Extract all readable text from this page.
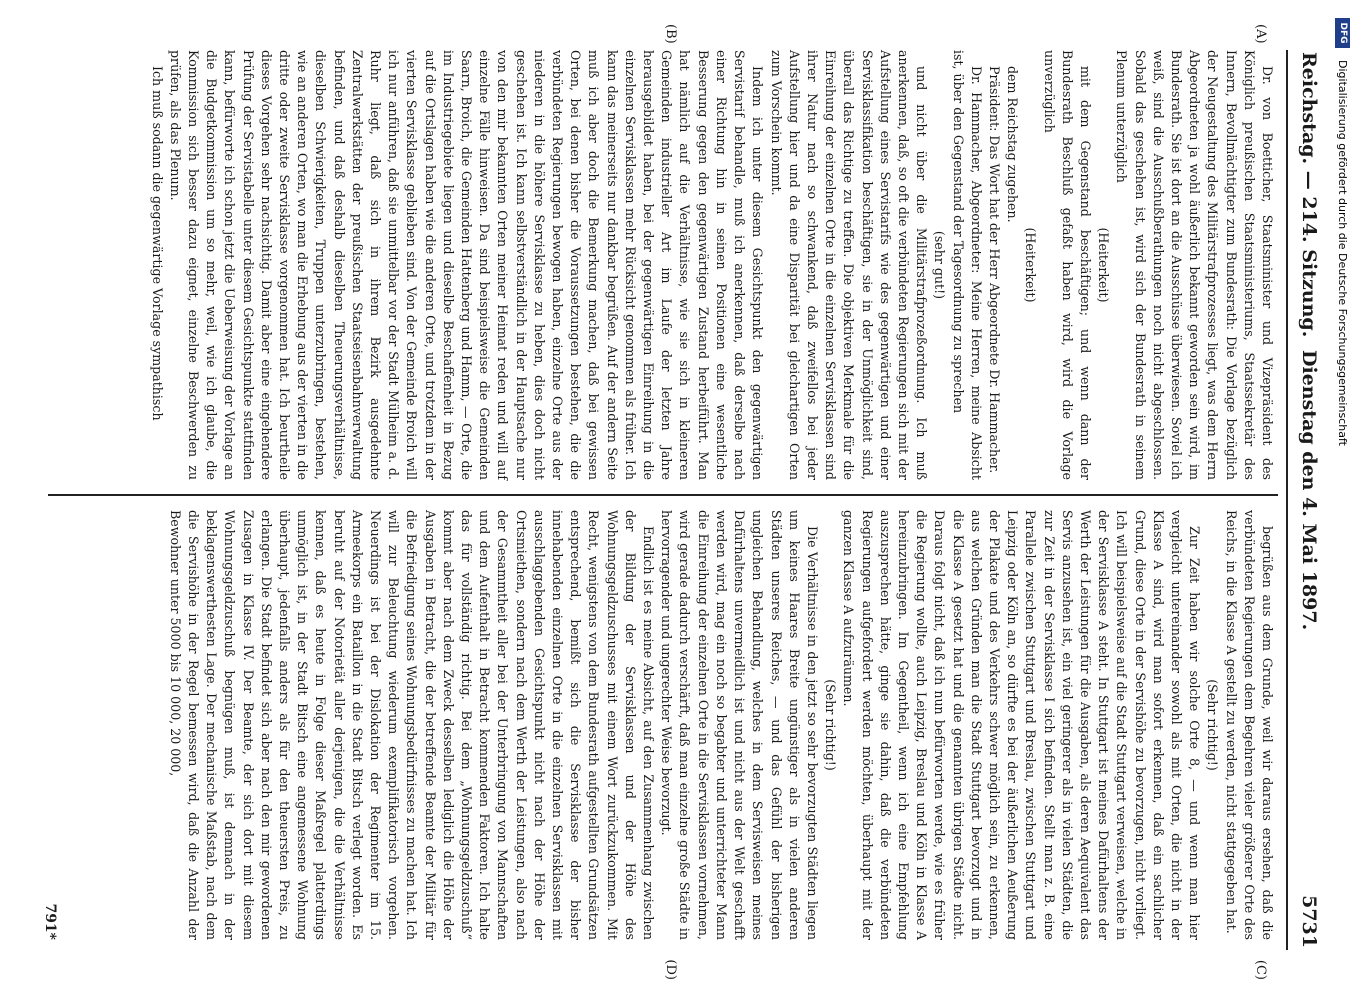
Reichstag. — 214. Sitzung.
Dienstag den 4. Mai 1897.
5731

Dr. von Boetticher, Staatsminister und Vizepräsident des Königlich preußischen Staatsministeriums, Staatssekretär des Innern, Bevollmächtigter zum Bundesrath: Die Vorlage bezüglich der Neugestaltung des Militärstrafprozesses liegt, was dem Herrn Abgeordneten ja wohl äußerlich bekannt geworden sein wird, im Bundesrath. Sie ist dort an die Ausschüsse überwiesen. Soviel ich weiß, sind die Ausschußberathungen noch nicht abgeschlossen. Sobald das geschehen ist, wird sich der Bundesrath in seinem Plenum unterzüglich

(Heiterkeit)

mit dem Gegenstand beschäftigen; und wenn dann der Bundesrath Beschluß gefaßt haben wird, wird die Vorlage unverzüglich

(Heiterkeit)

dem Reichstag zugehen.

Präsident: Das Wort hat der Herr Abgeordnete Dr. Hammacher.

Dr. Hammacher, Abgeordneter: Meine Herren, meine Absicht ist, über den Gegenstand der Tagesordnung zu sprechen

(sehr gut!)

und nicht über die Militärstrafprozeßordnung. Ich muß anerkennen, daß, so oft die verbündeten Regierungen sich mit der Aufstellung eines Servistarifs wie des gegenwärtigen und einer Servisklassifikation beschäftigen, sie in der Unmöglichkeit sind, überall das Richtige zu treffen. Die objektiven Merkmale für die Einreihung der einzelnen Orte in die einzelnen Servisklassen sind ihrer Natur nach so schwankend, daß zweifellos bei jeder Aufstellung hier und da eine Disparität bei gleichartigen Orten zum Vorschein kommt.

Indem ich unter diesem Gesichtspunkt den gegenwärtigen Servistarif behandle, muß ich anerkennen, daß derselbe nach einer Richtung hin in seinen Positionen eine wesentliche Besserung gegen den gegenwärtigen Zustand herbeiführt. Man hat nämlich auf die Verhältnisse, wie sie sich in kleineren Gemeinden industrieller Art im Laufe der letzten Jahre herausgebildet haben, bei der gegenwärtigen Einreihung in die einzelnen Servisklassen mehr Rücksicht genommen als früher. Ich kann das meinerseits nur dankbar begrüßen. Auf der andern Seite muß ich aber doch die Bemerkung machen, daß bei gewissen Orten, bei denen bisher die Voraussetzungen bestehen, die die verbündeten Regierungen bewogen haben, einzelne Orte aus der niederen in die höhere Servisklasse zu heben, dies doch nicht geschehen ist. Ich kann selbstverständlich in der Hauptsache nur von den mir bekannten Orten meiner Heimat reden und will auf einzelne Fälle hinweisen. Da sind beispielsweise die Gemeinden Saarn, Broich, die Gemeinden Hattenberg und Hamm, — Orte, die im Industriegebiete liegen und dieselbe Beschaffenheit in Bezug auf die Ortslagen haben wie die anderen Orte, und trotzdem in der vierten Servisklasse geblieben sind. Von der Gemeinde Broich will ich nur anführen, daß sie unmittelbar vor der Stadt Mülheim a. d. Ruhr liegt, daß sich in ihrem Bezirk ausgedehnte Zentralwerkstätten der preußischen Staatseisenbahnverwaltung befinden, und daß deshalb dieselben Theuerungsverhältnisse, dieselben Schwierigkeiten, Truppen unterzubringen, bestehen, wie an anderen Orten, wo man die Erhebung aus der vierten in die dritte oder zweite Servisklasse vorgenommen hat. Ich beurtheile dieses Vorgehen sehr nachsichtig. Damit aber eine eingehendere Prüfung der Servistabelle unter diesem Gesichtspunkte stattfinden kann, befürworte ich schon jetzt die Ueberweisung der Vorlage an die Budgetkommission um so mehr, weil, wie ich glaube, die Kommission sich besser dazu eignet, einzelne Beschwerden zu prüfen, als das Plenum.

Ich muß sodann die gegenwärtige Vorlage sympathisch

begrüßen aus dem Grunde, weil wir daraus ersehen, daß die verbündeten Regierungen dem Begehren vieler größerer Orte des Reichs, in die Klasse A gestellt zu werden, nicht stattgegeben hat.

(Sehr richtig!)

Zur Zeit haben wir solche Orte 8, — und wenn man hier vergleicht untereinander sowohl als mit Orten, die nicht in der Klasse A sind, wird man sofort erkennen, daß ein sachlicher Grund, diese Orte in der Servishöhe zu bevorzugen, nicht vorliegt. Ich will beispielsweise auf die Stadt Stuttgart verweisen, welche in der Servisklasse A steht. In Stuttgart ist meines Dafürhaltens der Werth der Leistungen für die Ausgaben, als deren Aequivalent das Servis anzusehen ist, ein viel geringerer als in vielen Städten, die zur Zeit in der Servisklasse I sich befinden. Stellt man z. B. eine Parallele zwischen Stuttgart und Breslau, zwischen Stuttgart und Leipzig oder Köln an, so dürfte es bei der äußerlichen Aeußerung der Plakate und des Verkehrs schwer möglich sein, zu erkennen, aus welchen Gründen man die Stadt Stuttgart bevorzugt und in die Klasse A gesetzt hat und die genannten übrigen Städte nicht. Daraus folgt nicht, daß ich nun befürworten werde, wie es früher die Regierung wollte, auch Leipzig, Breslau und Köln in Klasse A hereinzubringen. Im Gegentheil, wenn ich eine Empfehlung auszusprechen hätte, ginge sie dahin, daß die verbündeten Regierungen aufgefordert werden möchten, überhaupt mit der ganzen Klasse A aufzuräumen.

(Sehr richtig!)

Die Verhältnisse in den jetzt so sehr bevorzugten Städten liegen um keines Haares Breite ungünstiger als in vielen anderen Städten unseres Reiches, — und das Gefühl der bisherigen ungleichen Behandlung, welches in dem Servisweisen meines Dafürhaltens unvermeidlich ist und nicht aus der Welt geschafft werden wird, mag ein noch so begabter und unterrichteter Mann die Einreihung der einzelnen Orte in die Servisklassen vornehmen, wird gerade dadurch verschärft, daß man einzelne große Städte in hervorragender und ungerechter Weise bevorzugt.

Endlich ist es meine Absicht, auf den Zusammenhang zwischen der Bildung der Servisklassen und der Höhe des Wohnungsgeldzuschusses mit einem Wort zurückzukommen. Mit Recht, wenigstens von dem Bundesrath aufgestellten Grundsätzen entsprechend, bemißt sich die Servisklasse der bisher innehabenden einzelnen Orte in die einzelnen Servisklassen mit ausschlaggebenden Gesichtspunkt nicht nach der Höhe der Ortsmiethen, sondern nach dem Werth der Leistungen, also nach der Gesammtheit aller bei der Unterbringung von Mannschaften und dem Aufenthalt in Betracht kommenden Faktoren. Ich halte das für vollständig richtig. Bei dem „Wohnungsgeldzuschuß“ kommt aber nach dem Zweck desselben lediglich die Höhe der Ausgaben in Betracht, die der betreffende Beamte der Militär für die Befriedigung seines Wohnungsbedürfnisses zu machen hat. Ich will zur Beleuchtung wiederum exemplifikatorisch vorgehen. Neuerdings ist bei der Dislokation der Regimenter im 15. Armeekorps ein Bataillon in die Stadt Bitsch verlegt worden. Es beruht auf der Notorietät aller derjenigen, die die Verhältnisse kennen, daß es heute in Folge dieser Maßregel platterdings unmöglich ist, in der Stadt Bitsch eine angemessene Wohnung überhaupt, jedenfalls anders als für den theuersten Preis, zu erlangen. Die Stadt befindet sich aber nach den mir gewordenen Zusagen in Klasse IV. Der Beamte, der sich dort mit diesem Wohnungsgeldzuschuß begnügen muß, ist demnach in der beklagenswerthesten Lage. Der mechanische Maßstab, nach dem die Servishöhe in der Regel bemessen wird, daß die Anzahl der Bewohner unter 5000 bis 10 000, 20 000,

(A)
(B)
(C)
(D)
791*
DFG
Digitalisierung gefördert durch die Deutsche Forschungsgemeinschaft
